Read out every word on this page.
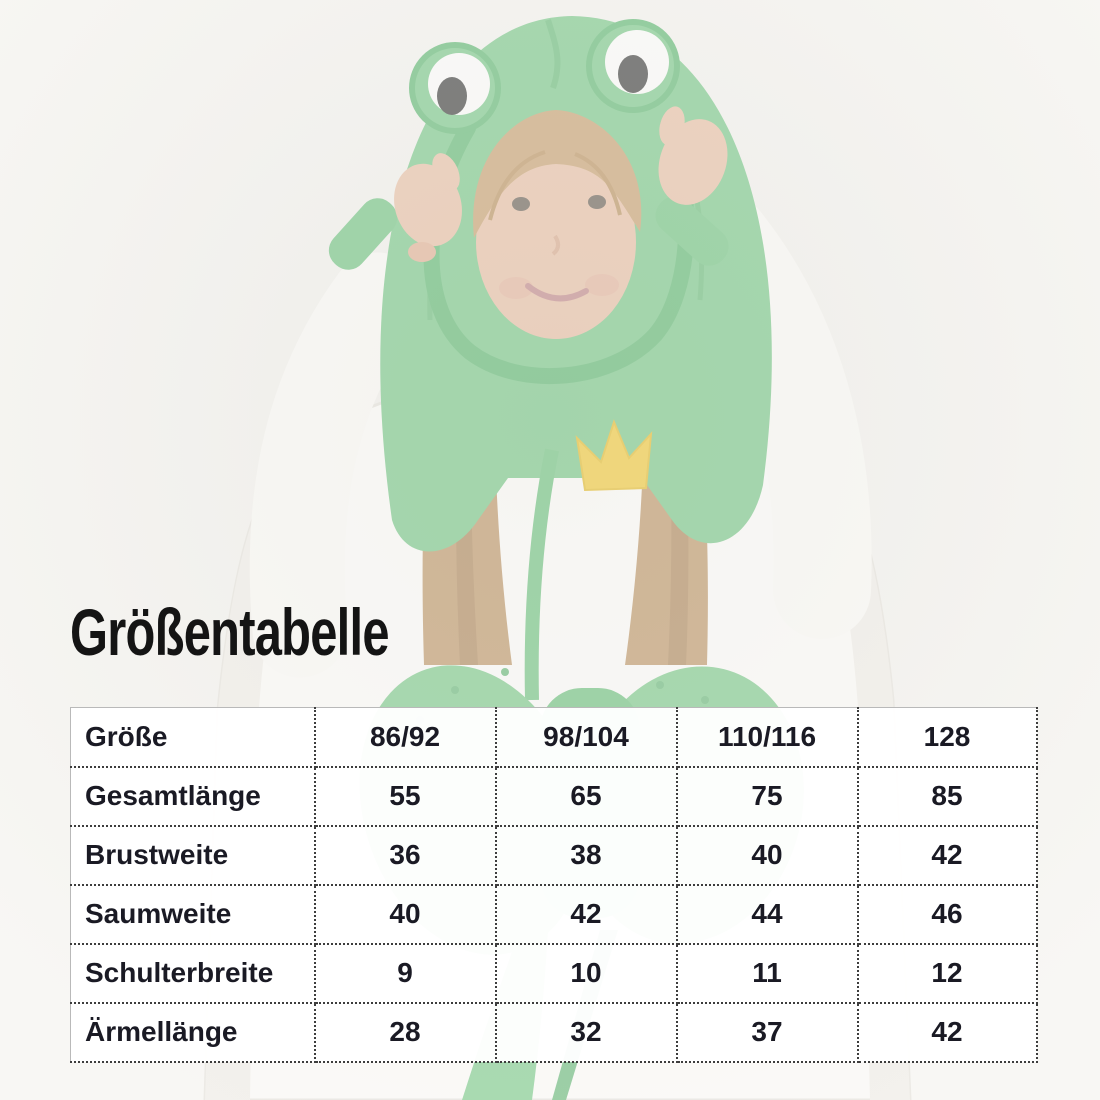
Größentabelle
Größe	86/92	98/104	110/116	128
Gesamtlänge	55	65	75	85
Brustweite	36	38	40	42
Saumweite	40	42	44	46
Schulterbreite	9	10	11	12
Ärmellänge	28	32	37	42
